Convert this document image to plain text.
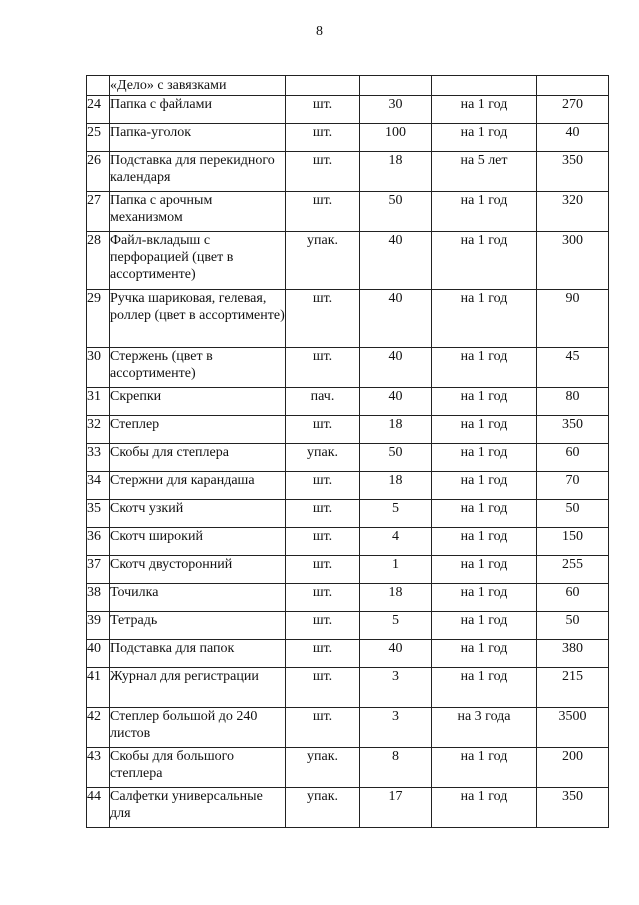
8
	«Дело» с завязками				
24	Папка с файлами	шт.	30	на 1 год	270
25	Папка-уголок	шт.	100	на 1 год	40
26	Подставка для перекидного календаря	шт.	18	на 5 лет	350
27	Папка с арочным механизмом	шт.	50	на 1 год	320
28	Файл-вкладыш с перфорацией (цвет в ассортименте)	упак.	40	на 1 год	300
29	Ручка шариковая, гелевая, роллер (цвет в ассортименте)	шт.	40	на 1 год	90
30	Стержень (цвет в ассортименте)	шт.	40	на 1 год	45
31	Скрепки	пач.	40	на 1 год	80
32	Степлер	шт.	18	на 1 год	350
33	Скобы для степлера	упак.	50	на 1 год	60
34	Стержни для карандаша	шт.	18	на 1 год	70
35	Скотч узкий	шт.	5	на 1 год	50
36	Скотч широкий	шт.	4	на 1 год	150
37	Скотч двусторонний	шт.	1	на 1 год	255
38	Точилка	шт.	18	на 1 год	60
39	Тетрадь	шт.	5	на 1 год	50
40	Подставка для папок	шт.	40	на 1 год	380
41	Журнал для регистрации	шт.	3	на 1 год	215
42	Степлер большой до 240 листов	шт.	3	на 3 года	3500
43	Скобы для большого степлера	упак.	8	на 1 год	200
44	Салфетки универсальные для	упак.	17	на 1 год	350
